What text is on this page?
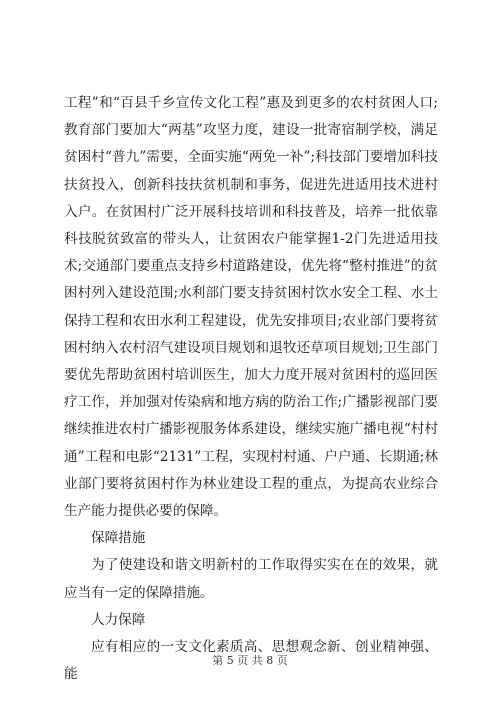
工程”和“百县千乡宣传文化工程”惠及到更多的农村贫困人口;教育部门要加大“两基”攻坚力度，建设一批寄宿制学校，满足贫困村“普九”需要，全面实施“两免一补”;科技部门要增加科技扶贫投入，创新科技扶贫机制和事务，促进先进适用技术进村入户。在贫困村广泛开展科技培训和科技普及，培养一批依靠科技脱贫致富的带头人，让贫困农户能掌握1-2门先进适用技术;交通部门要重点支持乡村道路建设，优先将“整村推进”的贫困村列入建设范围;水利部门要支持贫困村饮水安全工程、水土保持工程和农田水利工程建设，优先安排项目;农业部门要将贫困村纳入农村沼气建设项目规划和退牧还草项目规划;卫生部门要优先帮助贫困村培训医生，加大力度开展对贫困村的巡回医疗工作，并加强对传染病和地方病的防治工作;广播影视部门要继续推进农村广播影视服务体系建设，继续实施广播电视“村村通”工程和电影“2131”工程，实现村村通、户户通、长期通;林业部门要将贫困村作为林业建设工程的重点，为提高农业综合生产能力提供必要的保障。

保障措施

为了使建设和谐文明新村的工作取得实实在在的效果，就应当有一定的保障措施。

人力保障

应有相应的一支文化素质高、思想观念新、创业精神强、能

第 5 页 共 8 页
